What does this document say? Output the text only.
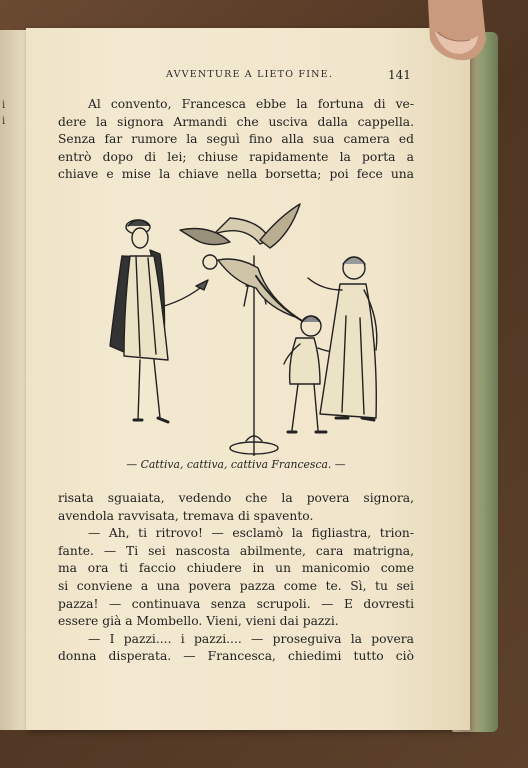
i
i
AVVENTURE A LIETO FINE.	141
Al convento, Francesca ebbe la fortuna di ve-
dere la signora Armandi che usciva dalla cappella.
Senza far rumore la seguì fino alla sua camera ed
entrò dopo di lei; chiuse rapidamente la porta a
chiave e mise la chiave nella borsetta; poi fece una
— Cattiva, cattiva, cattiva Francesca. —
risata sguaiata, vedendo che la povera signora,
avendola ravvisata, tremava di spavento.
— Ah, ti ritrovo! — esclamò la figliastra, trion-
fante. — Ti sei nascosta abilmente, cara matrigna,
ma ora ti faccio chiudere in un manicomio come
si conviene a una povera pazza come te. Sì, tu sei
pazza! — continuava senza scrupoli. — E dovresti
essere già a Mombello. Vieni, vieni dai pazzi.
— I pazzi.... i pazzi.... — proseguiva la povera
donna disperata. — Francesca, chiedimi tutto ciò
